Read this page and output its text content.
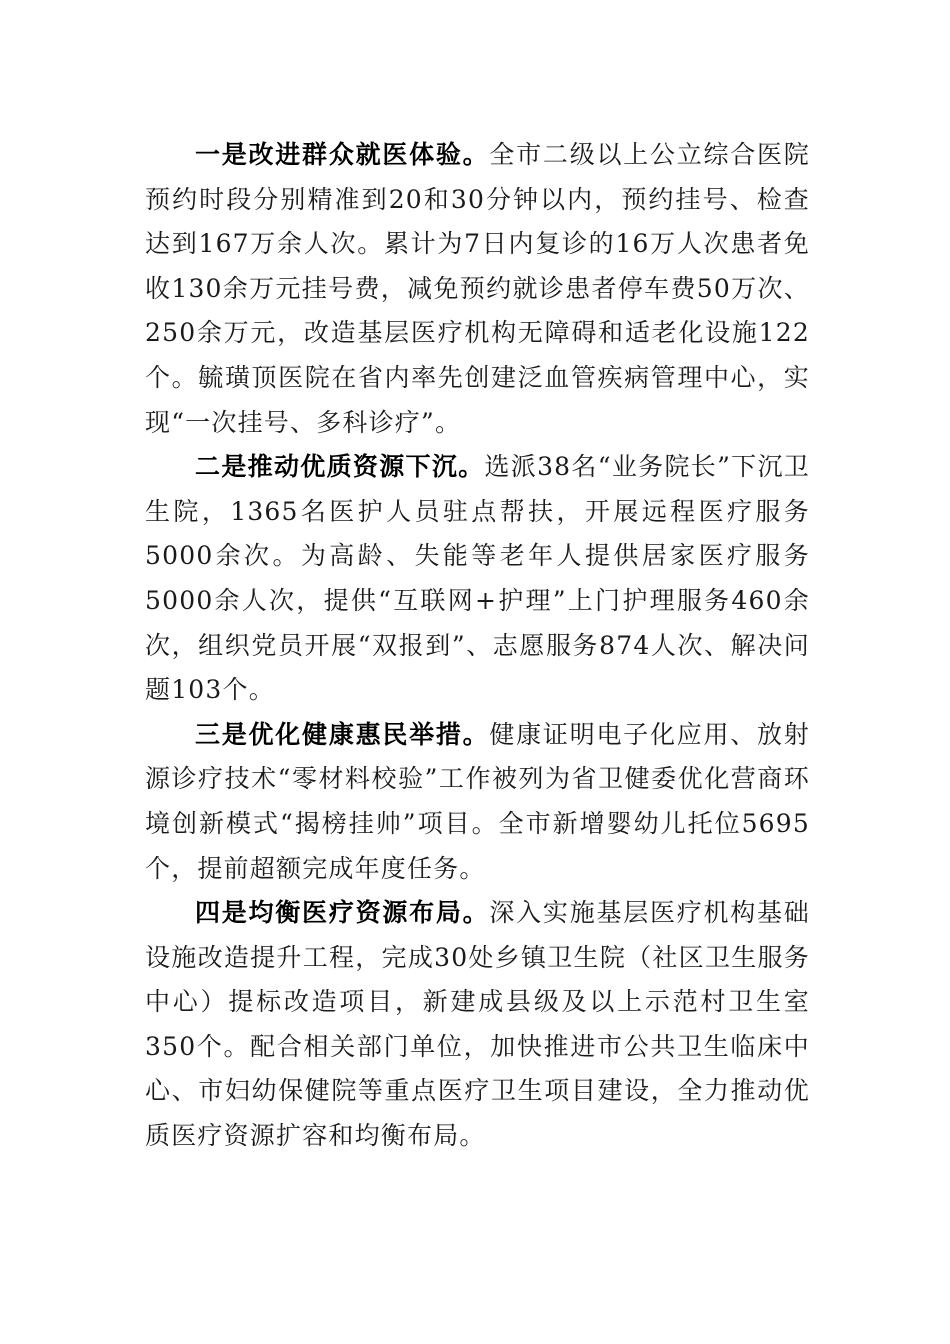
一是改进群众就医体验。全市二级以上公立综合医院预约时段分别精准到20和30分钟以内，预约挂号、检查达到167万余人次。累计为7日内复诊的16万人次患者免收130余万元挂号费，减免预约就诊患者停车费50万次、250余万元，改造基层医疗机构无障碍和适老化设施122个。毓璜顶医院在省内率先创建泛血管疾病管理中心，实现“一次挂号、多科诊疗”。

二是推动优质资源下沉。选派38名“业务院长”下沉卫生院，1365名医护人员驻点帮扶，开展远程医疗服务5000余次。为高龄、失能等老年人提供居家医疗服务5000余人次，提供“互联网+护理”上门护理服务460余次，组织党员开展“双报到”、志愿服务874人次、解决问题103个。

三是优化健康惠民举措。健康证明电子化应用、放射源诊疗技术“零材料校验”工作被列为省卫健委优化营商环境创新模式“揭榜挂帅”项目。全市新增婴幼儿托位5695个，提前超额完成年度任务。

四是均衡医疗资源布局。深入实施基层医疗机构基础设施改造提升工程，完成30处乡镇卫生院（社区卫生服务中心）提标改造项目，新建成县级及以上示范村卫生室350个。配合相关部门单位，加快推进市公共卫生临床中心、市妇幼保健院等重点医疗卫生项目建设，全力推动优质医疗资源扩容和均衡布局。
